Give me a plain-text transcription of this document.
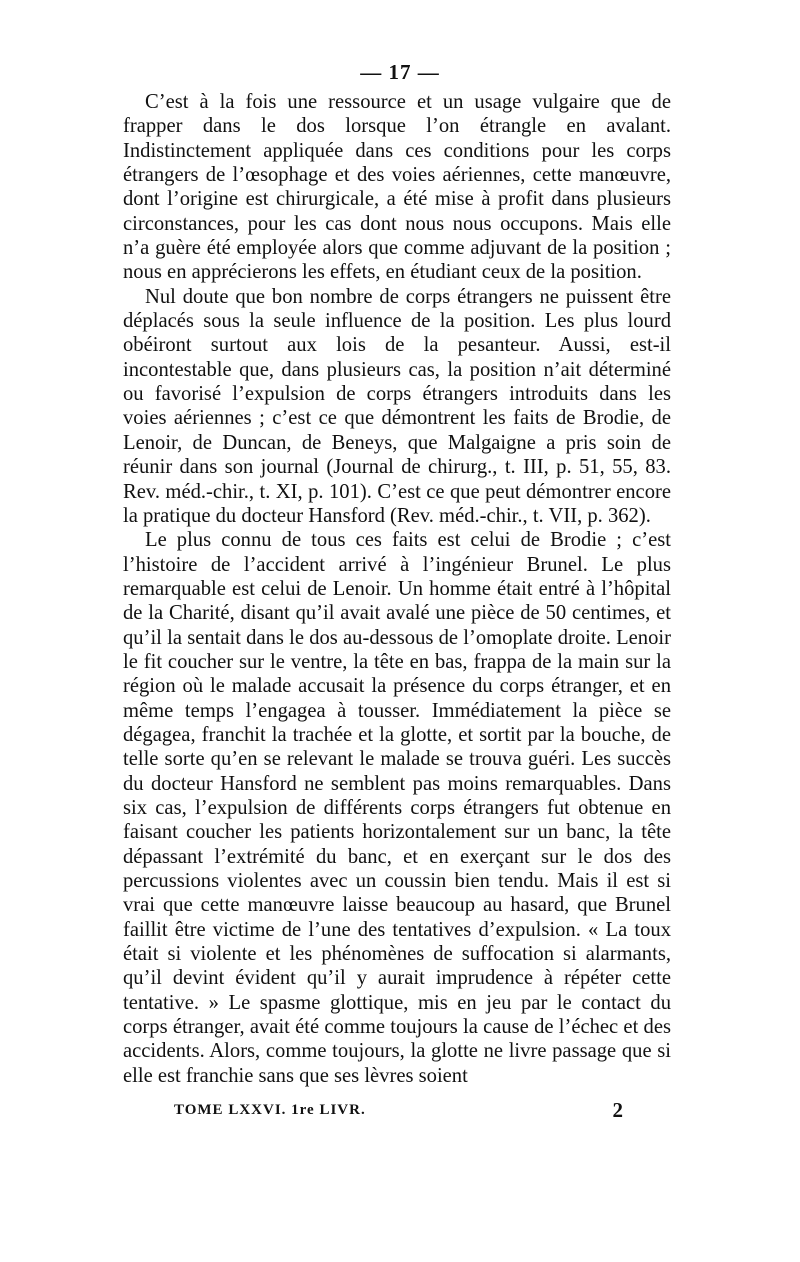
— 17 —

C’est à la fois une ressource et un usage vulgaire que de frapper dans le dos lorsque l’on étrangle en avalant. Indistinctement appliquée dans ces conditions pour les corps étrangers de l’œsophage et des voies aériennes, cette manœuvre, dont l’origine est chirurgicale, a été mise à profit dans plusieurs circonstances, pour les cas dont nous nous occupons. Mais elle n’a guère été employée alors que comme adjuvant de la position ; nous en apprécierons les effets, en étudiant ceux de la position.

Nul doute que bon nombre de corps étrangers ne puissent être déplacés sous la seule influence de la position. Les plus lourd obéiront surtout aux lois de la pesanteur. Aussi, est-il incontestable que, dans plusieurs cas, la position n’ait déterminé ou favorisé l’expulsion de corps étrangers introduits dans les voies aériennes ; c’est ce que démontrent les faits de Brodie, de Lenoir, de Duncan, de Beneys, que Malgaigne a pris soin de réunir dans son journal (Journal de chirurg., t. III, p. 51, 55, 83. Rev. méd.-chir., t. XI, p. 101). C’est ce que peut démontrer encore la pratique du docteur Hansford (Rev. méd.-chir., t. VII, p. 362).

Le plus connu de tous ces faits est celui de Brodie ; c’est l’histoire de l’accident arrivé à l’ingénieur Brunel. Le plus remarquable est celui de Lenoir. Un homme était entré à l’hôpital de la Charité, disant qu’il avait avalé une pièce de 50 centimes, et qu’il la sentait dans le dos au-dessous de l’omoplate droite. Lenoir le fit coucher sur le ventre, la tête en bas, frappa de la main sur la région où le malade accusait la présence du corps étranger, et en même temps l’engagea à tousser. Immédiatement la pièce se dégagea, franchit la trachée et la glotte, et sortit par la bouche, de telle sorte qu’en se relevant le malade se trouva guéri. Les succès du docteur Hansford ne semblent pas moins remarquables. Dans six cas, l’expulsion de différents corps étrangers fut obtenue en faisant coucher les patients horizontalement sur un banc, la tête dépassant l’extrémité du banc, et en exerçant sur le dos des percussions violentes avec un coussin bien tendu. Mais il est si vrai que cette manœuvre laisse beaucoup au hasard, que Brunel faillit être victime de l’une des tentatives d’expulsion. « La toux était si violente et les phénomènes de suffocation si alarmants, qu’il devint évident qu’il y aurait imprudence à répéter cette tentative. » Le spasme glottique, mis en jeu par le contact du corps étranger, avait été comme toujours la cause de l’échec et des accidents. Alors, comme toujours, la glotte ne livre passage que si elle est franchie sans que ses lèvres soient

TOME LXXVI. 1re LIVR.	2
